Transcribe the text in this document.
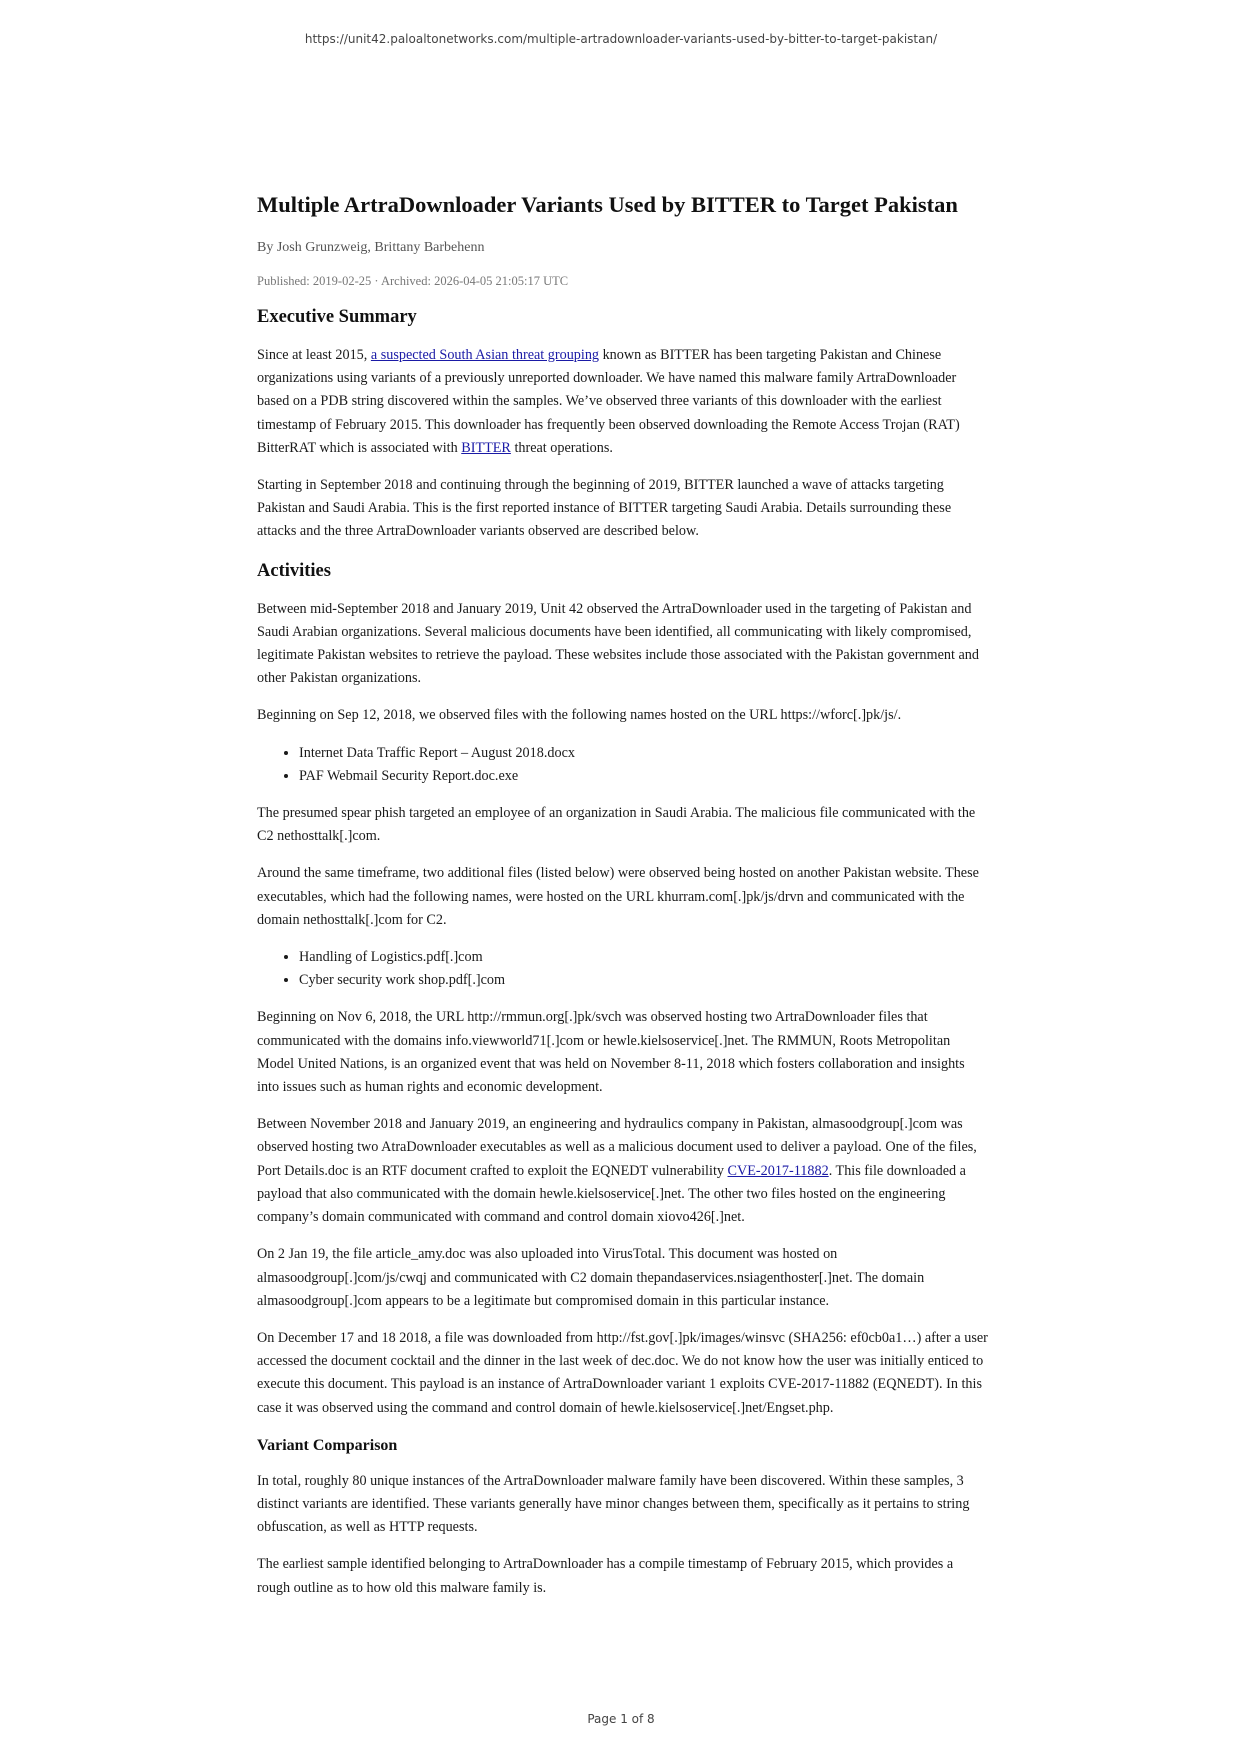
https://unit42.paloaltonetworks.com/multiple-artradownloader-variants-used-by-bitter-to-target-pakistan/
Multiple ArtraDownloader Variants Used by BITTER to Target Pakistan
By Josh Grunzweig, Brittany Barbehenn
Published: 2019-02-25 · Archived: 2026-04-05 21:05:17 UTC
Executive Summary

Since at least 2015, a suspected South Asian threat grouping known as BITTER has been targeting Pakistan and Chinese organizations using variants of a previously unreported downloader. We have named this malware family ArtraDownloader based on a PDB string discovered within the samples. We’ve observed three variants of this downloader with the earliest timestamp of February 2015. This downloader has frequently been observed downloading the Remote Access Trojan (RAT) BitterRAT which is associated with BITTER threat operations.

Starting in September 2018 and continuing through the beginning of 2019, BITTER launched a wave of attacks targeting Pakistan and Saudi Arabia. This is the first reported instance of BITTER targeting Saudi Arabia. Details surrounding these attacks and the three ArtraDownloader variants observed are described below.

Activities

Between mid-September 2018 and January 2019, Unit 42 observed the ArtraDownloader used in the targeting of Pakistan and Saudi Arabian organizations. Several malicious documents have been identified, all communicating with likely compromised, legitimate Pakistan websites to retrieve the payload. These websites include those associated with the Pakistan government and other Pakistan organizations.

Beginning on Sep 12, 2018, we observed files with the following names hosted on the URL https://wforc[.]pk/js/.

• Internet Data Traffic Report – August 2018.docx
• PAF Webmail Security Report.doc.exe

The presumed spear phish targeted an employee of an organization in Saudi Arabia. The malicious file communicated with the C2 nethosttalk[.]com.

Around the same timeframe, two additional files (listed below) were observed being hosted on another Pakistan website. These executables, which had the following names, were hosted on the URL khurram.com[.]pk/js/drvn and communicated with the domain nethosttalk[.]com for C2.

• Handling of Logistics.pdf[.]com
• Cyber security work shop.pdf[.]com

Beginning on Nov 6, 2018, the URL http://rmmun.org[.]pk/svch was observed hosting two ArtraDownloader files that communicated with the domains info.viewworld71[.]com or hewle.kielsoservice[.]net. The RMMUN, Roots Metropolitan Model United Nations, is an organized event that was held on November 8-11, 2018 which fosters collaboration and insights into issues such as human rights and economic development.

Between November 2018 and January 2019, an engineering and hydraulics company in Pakistan, almasoodgroup[.]com was observed hosting two AtraDownloader executables as well as a malicious document used to deliver a payload. One of the files, Port Details.doc is an RTF document crafted to exploit the EQNEDT vulnerability CVE-2017-11882. This file downloaded a payload that also communicated with the domain hewle.kielsoservice[.]net. The other two files hosted on the engineering company’s domain communicated with command and control domain xiovo426[.]net.

On 2 Jan 19, the file article_amy.doc was also uploaded into VirusTotal. This document was hosted on almasoodgroup[.]com/js/cwqj and communicated with C2 domain thepandaservices.nsiagenthoster[.]net. The domain almasoodgroup[.]com appears to be a legitimate but compromised domain in this particular instance.

On December 17 and 18 2018, a file was downloaded from http://fst.gov[.]pk/images/winsvc (SHA256: ef0cb0a1…) after a user accessed the document cocktail and the dinner in the last week of dec.doc. We do not know how the user was initially enticed to execute this document. This payload is an instance of ArtraDownloader variant 1 exploits CVE-2017-11882 (EQNEDT). In this case it was observed using the command and control domain of hewle.kielsoservice[.]net/Engset.php.

Variant Comparison

In total, roughly 80 unique instances of the ArtraDownloader malware family have been discovered. Within these samples, 3 distinct variants are identified. These variants generally have minor changes between them, specifically as it pertains to string obfuscation, as well as HTTP requests.

The earliest sample identified belonging to ArtraDownloader has a compile timestamp of February 2015, which provides a rough outline as to how old this malware family is.

Page 1 of 8
